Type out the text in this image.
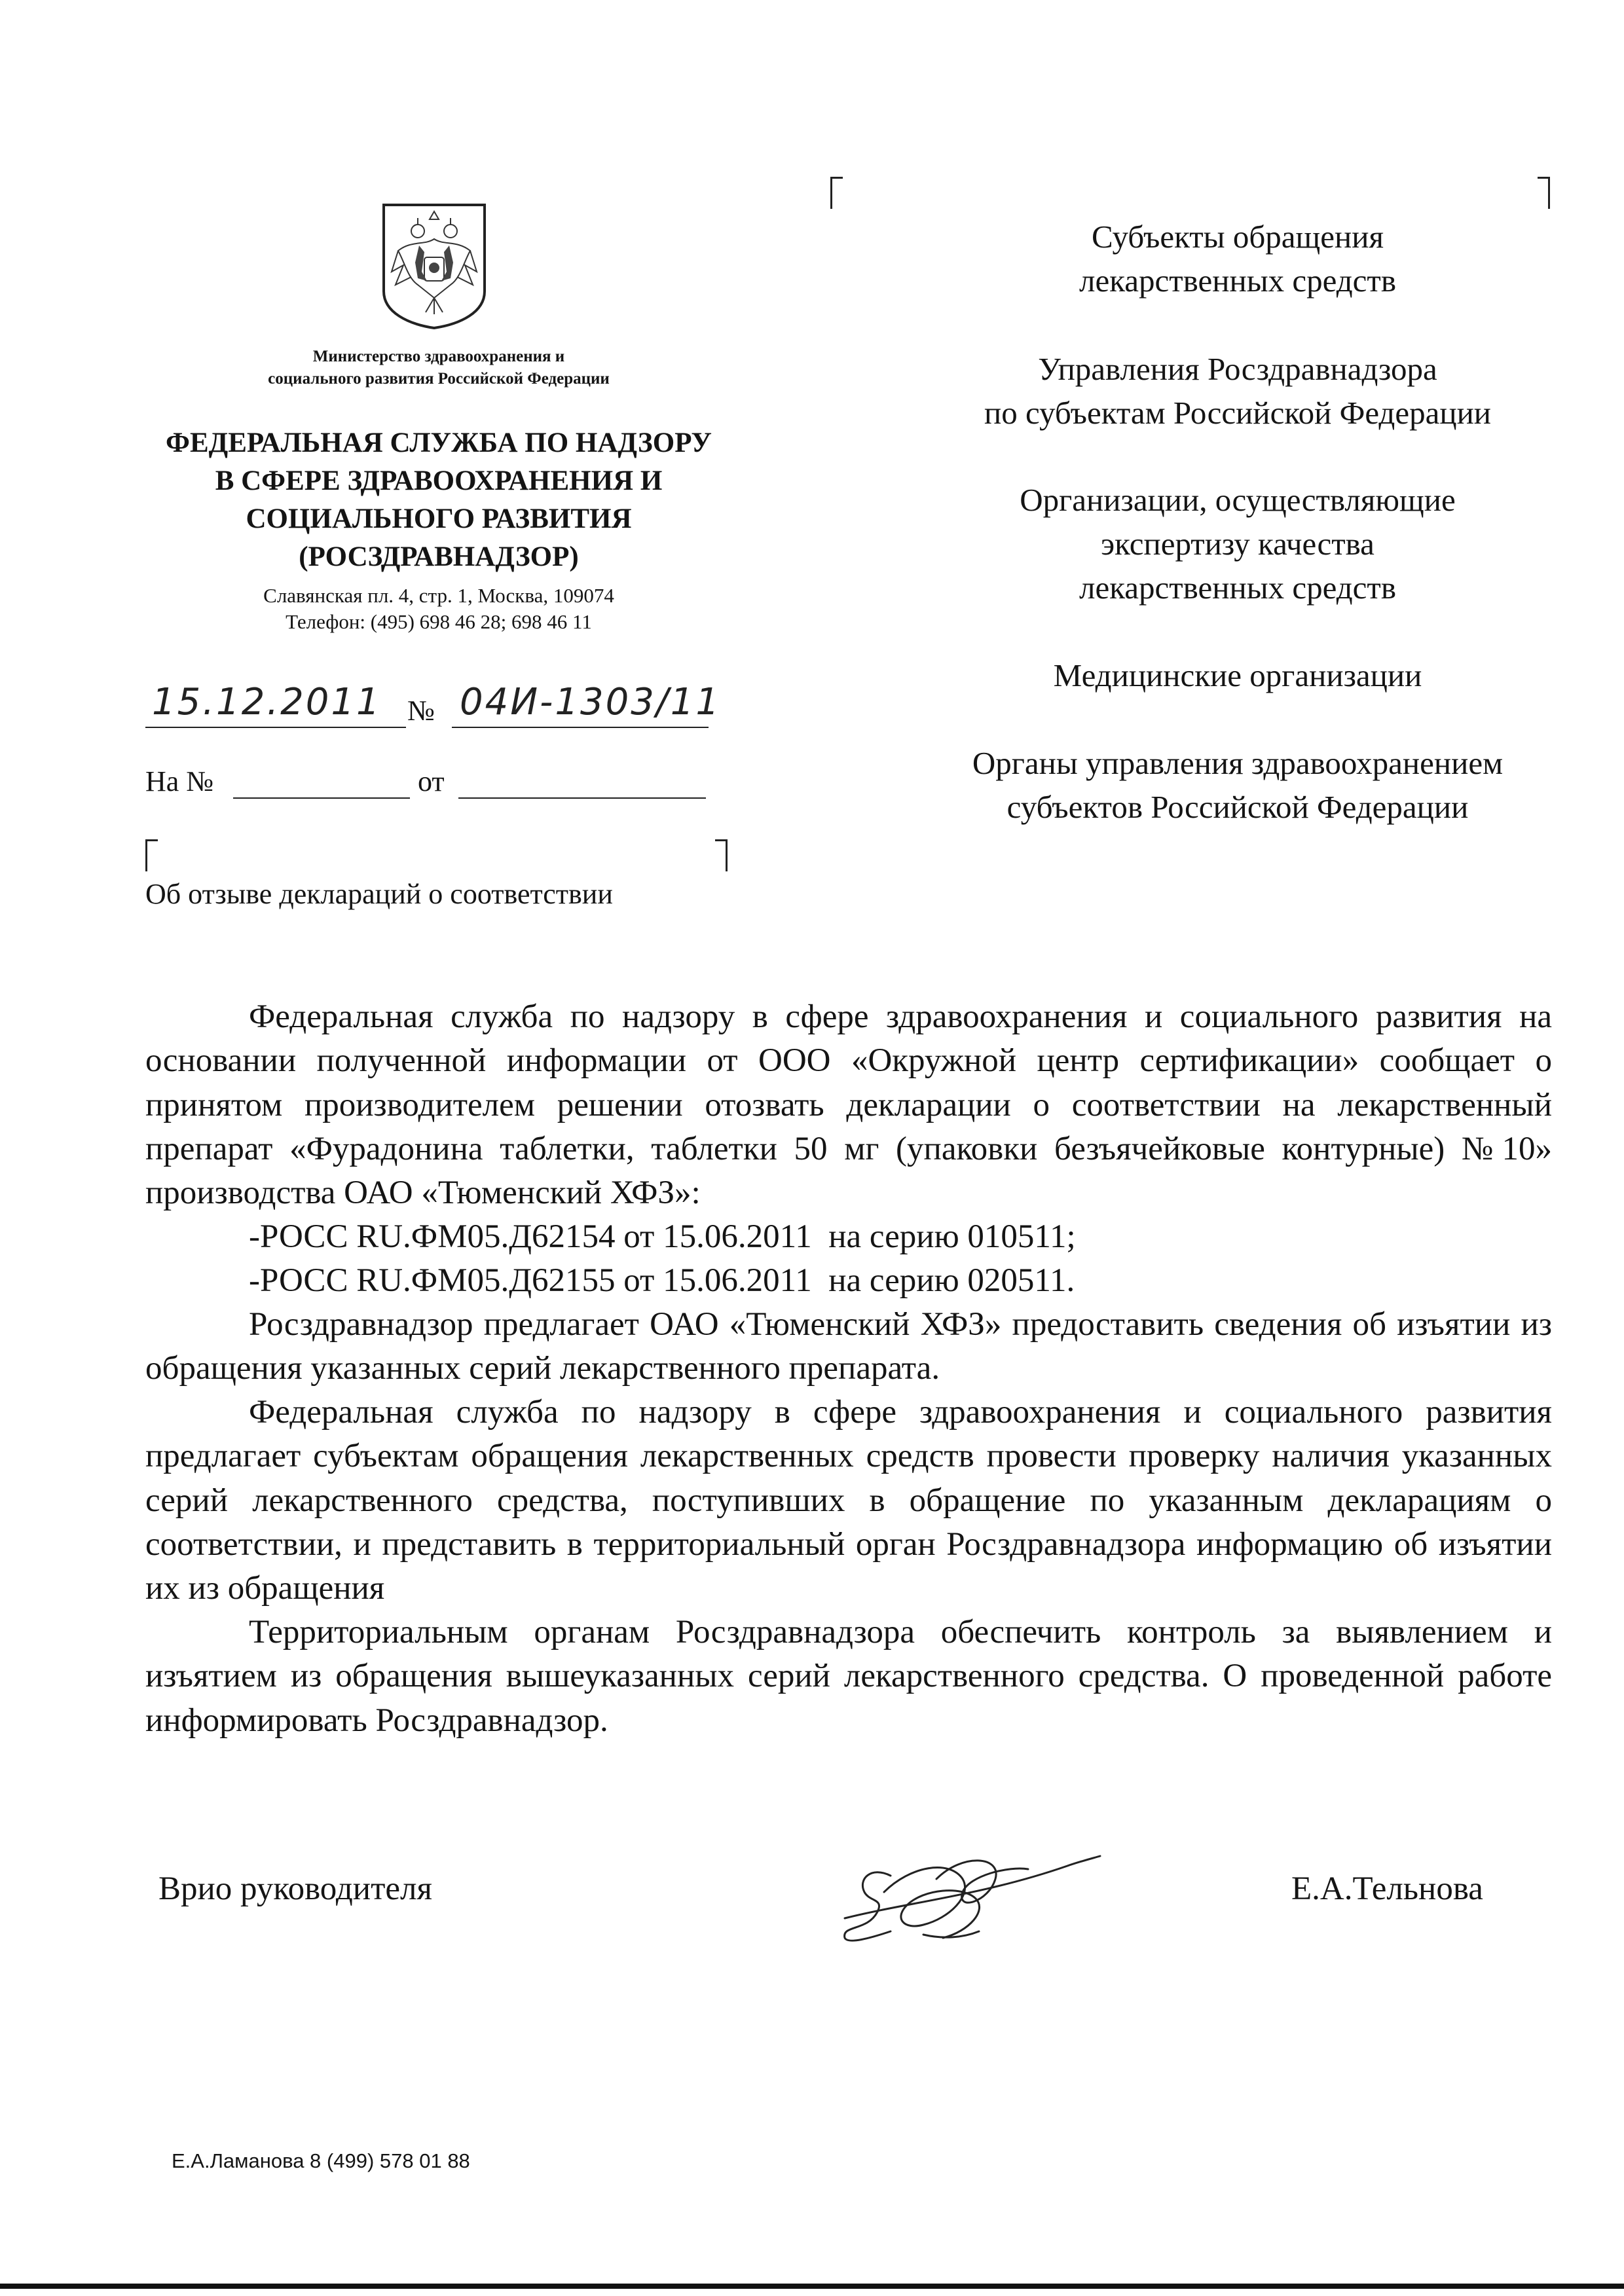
Министерство здравоохранения и
социального развития Российской Федерации
ФЕДЕРАЛЬНАЯ СЛУЖБА ПО НАДЗОРУ
В СФЕРЕ ЗДРАВООХРАНЕНИЯ И
СОЦИАЛЬНОГО РАЗВИТИЯ
(РОСЗДРАВНАДЗОР)
Славянская пл. 4, стр. 1, Москва, 109074
Телефон: (495) 698 46 28; 698 46 11
15.12.2011 № 04И-1303/11
На №	от
Об отзыве деклараций о соответствии
Субъекты обращения
лекарственных средств
Управления Росздравнадзора
по субъектам Российской Федерации
Организации, осуществляющие
экспертизу качества
лекарственных средств
Медицинские организации
Органы управления здравоохранением
субъектов Российской Федерации

Федеральная служба по надзору в сфере здравоохранения и социального развития на основании полученной информации от ООО «Окружной центр сертификации» сообщает о принятом производителем решении отозвать декларации о соответствии на лекарственный препарат «Фурадонина таблетки, таблетки 50 мг (упаковки безъячейковые контурные) №10» производства ОАО «Тюменский ХФЗ»:

-РОСС RU.ФМ05.Д62154 от 15.06.2011  на серию 010511;
-РОСС RU.ФМ05.Д62155 от 15.06.2011  на серию 020511.

Росздравнадзор предлагает ОАО «Тюменский ХФЗ» предоставить сведения об изъятии из обращения указанных серий лекарственного препарата.

Федеральная служба по надзору в сфере здравоохранения и социального развития предлагает субъектам обращения лекарственных средств провести проверку наличия указанных серий лекарственного средства, поступивших в обращение по указанным декларациям о соответствии, и представить в территориальный орган Росздравнадзора информацию об изъятии их из обращения

Территориальным органам Росздравнадзора обеспечить контроль за выявлением и изъятием из обращения вышеуказанных серий лекарственного средства. О проведенной работе информировать Росздравнадзор.

Врио руководителя	Е.А.Тельнова
Е.А.Ламанова 8 (499) 578 01 88
